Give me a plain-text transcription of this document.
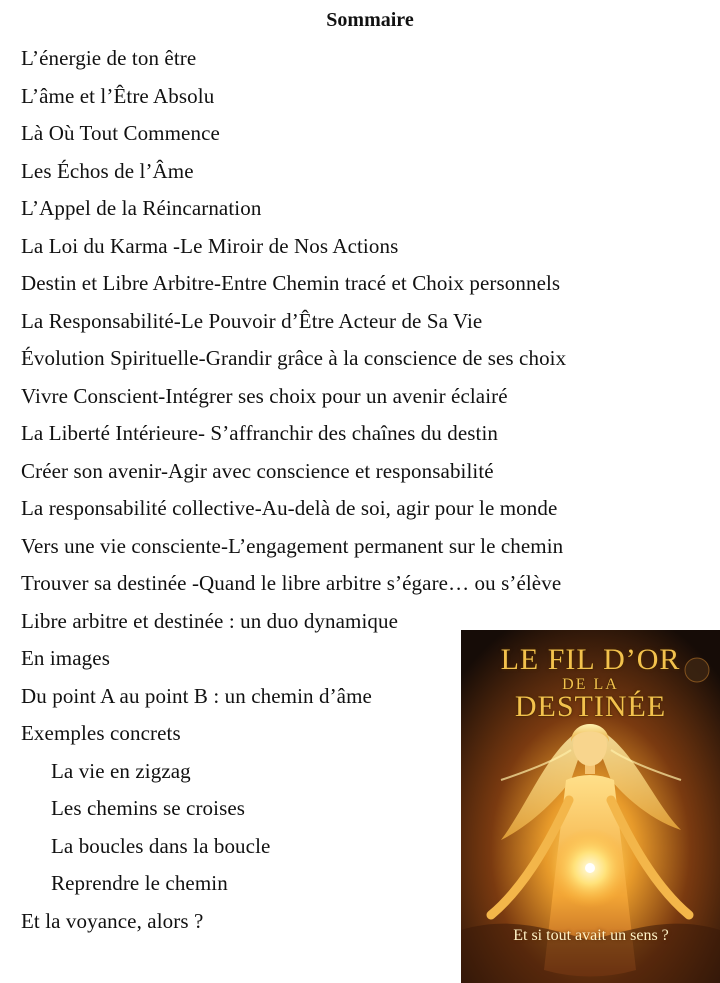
Sommaire
L’énergie de ton être
L’âme et l’Être Absolu
Là Où Tout Commence
Les Échos de l’Âme
L’Appel de la Réincarnation
La Loi du Karma -Le Miroir de Nos Actions
Destin et Libre Arbitre-Entre Chemin tracé et Choix personnels
La Responsabilité-Le Pouvoir d’Être Acteur de Sa Vie
Évolution Spirituelle-Grandir grâce à la conscience de ses choix
Vivre Conscient-Intégrer ses choix pour un avenir éclairé
La Liberté Intérieure- S’affranchir des chaînes du destin
Créer son avenir-Agir avec conscience et responsabilité
La responsabilité collective-Au-delà de soi, agir pour le monde
Vers une vie consciente-L’engagement permanent sur le chemin
Trouver sa destinée -Quand le libre arbitre s’égare… ou s’élève
Libre arbitre et destinée : un duo dynamique
En images
Du point A au point B : un chemin d’âme
Exemples concrets
La vie en zigzag
Les chemins se croises
La boucles dans la boucle
Reprendre le chemin
Et la voyance, alors ?
LE FIL D’OR
DE LA
DESTINÉE
Et si tout avait un sens ?
